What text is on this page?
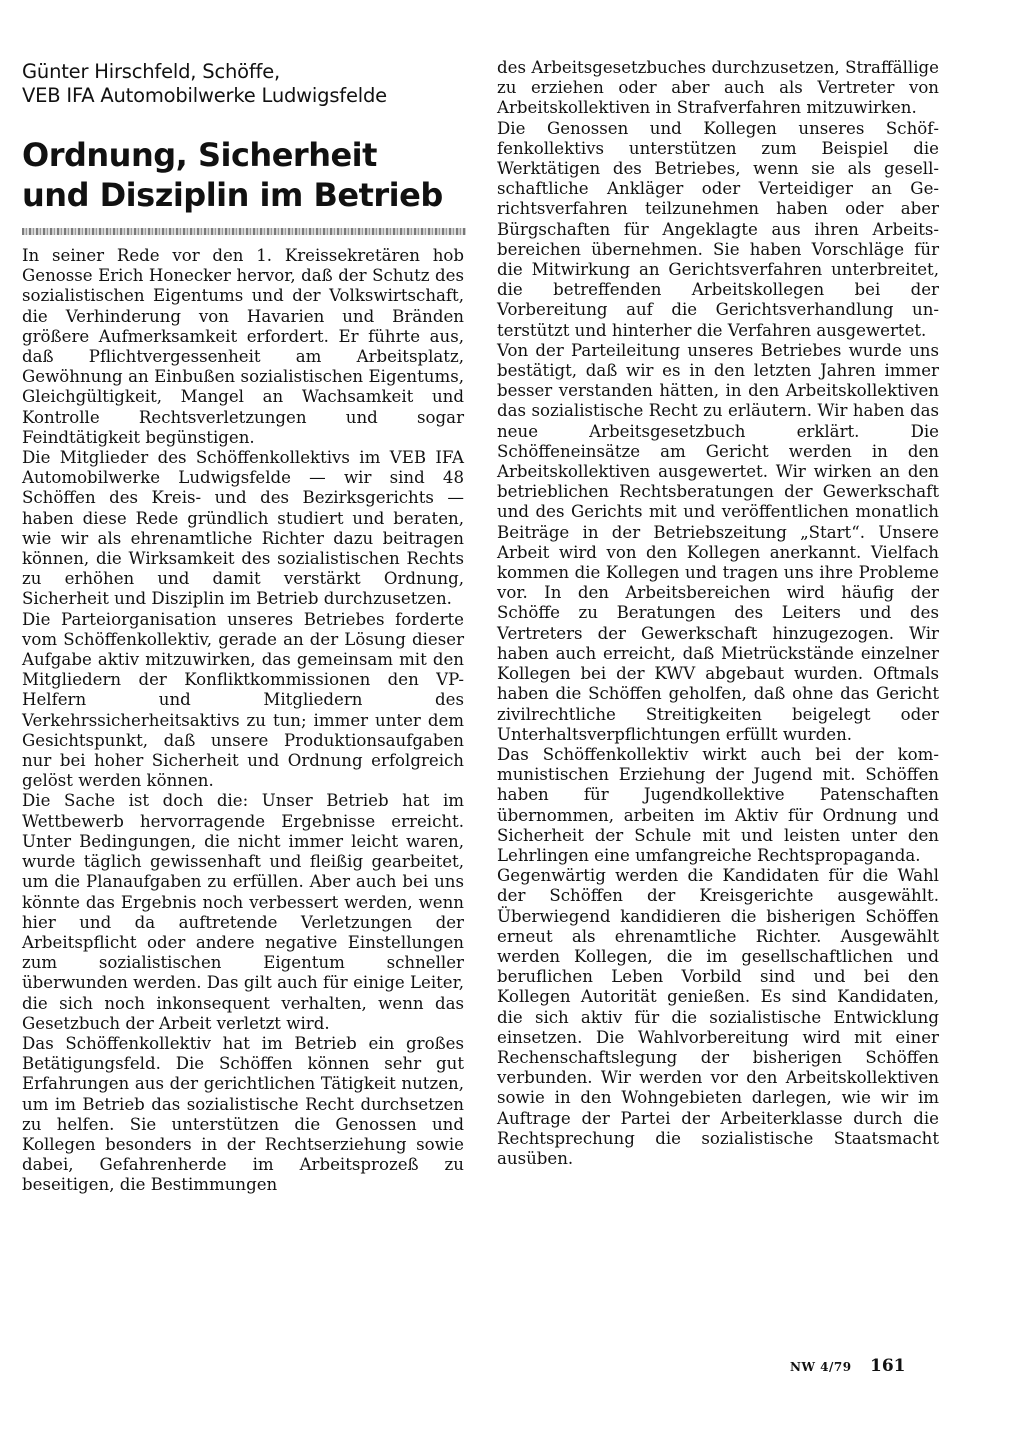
Günter Hirschfeld, Schöffe,
VEB IFA Automobilwerke Ludwigsfelde
Ordnung, Sicherheit
und Disziplin im Betrieb

In seiner Rede vor den 1. Kreissekretären hob Genosse Erich Honecker hervor, daß der Schutz des sozialistischen Eigentums und der Volkswirtschaft, die Verhinderung von Havarien und Bränden größere Aufmerksamkeit erfordert. Er führte aus, daß Pflichtvergessenheit am Arbeitsplatz, Gewöhnung an Einbußen sozialistischen Eigentums, Gleichgültigkeit, Mangel an Wachsamkeit und Kontrolle Rechtsverletzungen und sogar Feindtätigkeit begünstigen.

Die Mitglieder des Schöffenkollektivs im VEB IFA Automobilwerke Ludwigsfelde — wir sind 48 Schöffen des Kreis- und des Bezirksgerichts — haben diese Rede gründlich studiert und beraten, wie wir als ehrenamtliche Richter dazu beitragen können, die Wirksamkeit des sozialistischen Rechts zu erhöhen und damit verstärkt Ordnung, Sicherheit und Disziplin im Betrieb durchzusetzen.

Die Parteiorganisation unseres Betriebes forderte vom Schöffenkollektiv, gerade an der Lösung dieser Aufgabe aktiv mitzuwirken, das gemeinsam mit den Mitgliedern der Konfliktkommissionen den VP-Helfern und Mitgliedern des Verkehrssicherheitsaktivs zu tun; immer unter dem Gesichtspunkt, daß unsere Produktionsaufgaben nur bei hoher Sicherheit und Ordnung erfolgreich gelöst werden können.

Die Sache ist doch die: Unser Betrieb hat im Wettbewerb hervorragende Ergebnisse erreicht. Unter Bedingungen, die nicht immer leicht waren, wurde täglich gewissenhaft und fleißig gearbeitet, um die Planaufgaben zu erfüllen. Aber auch bei uns könnte das Ergebnis noch verbessert werden, wenn hier und da auftretende Verletzungen der Arbeitspflicht oder andere negative Einstellungen zum sozialistischen Eigentum schneller überwunden werden. Das gilt auch für einige Leiter, die sich noch inkonsequent verhalten, wenn das Gesetzbuch der Arbeit verletzt wird.

Das Schöffenkollektiv hat im Betrieb ein großes Betätigungsfeld. Die Schöffen können sehr gut Erfahrungen aus der gerichtlichen Tätigkeit nutzen, um im Betrieb das sozialistische Recht durchsetzen zu helfen. Sie unterstützen die Genossen und Kollegen besonders in der Rechtserziehung sowie dabei, Gefahrenherde im Arbeitsprozeß zu beseitigen, die Bestimmungen

des Arbeitsgesetzbuches durchzusetzen, Straffällige zu erziehen oder aber auch als Vertreter von Arbeitskollektiven in Strafverfahren mitzuwirken.

Die Genossen und Kollegen unseres Schöffenkollektivs unterstützen zum Beispiel die Werktätigen des Betriebes, wenn sie als gesellschaftliche Ankläger oder Verteidiger an Gerichtsverfahren teilzunehmen haben oder aber Bürgschaften für Angeklagte aus ihren Arbeitsbereichen übernehmen. Sie haben Vorschläge für die Mitwirkung an Gerichtsverfahren unterbreitet, die betreffenden Arbeitskollegen bei der Vorbereitung auf die Gerichtsverhandlung unterstützt und hinterher die Verfahren ausgewertet.

Von der Parteileitung unseres Betriebes wurde uns bestätigt, daß wir es in den letzten Jahren immer besser verstanden hätten, in den Arbeitskollektiven das sozialistische Recht zu erläutern. Wir haben das neue Arbeitsgesetzbuch erklärt. Die Schöffeneinsätze am Gericht werden in den Arbeitskollektiven ausgewertet. Wir wirken an den betrieblichen Rechtsberatungen der Gewerkschaft und des Gerichts mit und veröffentlichen monatlich Beiträge in der Betriebszeitung „Start“. Unsere Arbeit wird von den Kollegen anerkannt. Vielfach kommen die Kollegen und tragen uns ihre Probleme vor. In den Arbeitsbereichen wird häufig der Schöffe zu Beratungen des Leiters und des Vertreters der Gewerkschaft hinzugezogen. Wir haben auch erreicht, daß Mietrückstände einzelner Kollegen bei der KWV abgebaut wurden. Oftmals haben die Schöffen geholfen, daß ohne das Gericht zivilrechtliche Streitigkeiten beigelegt oder Unterhaltsverpflichtungen erfüllt wurden.

Das Schöffenkollektiv wirkt auch bei der kommunistischen Erziehung der Jugend mit. Schöffen haben für Jugendkollektive Patenschaften übernommen, arbeiten im Aktiv für Ordnung und Sicherheit der Schule mit und leisten unter den Lehrlingen eine umfangreiche Rechtspropaganda.

Gegenwärtig werden die Kandidaten für die Wahl der Schöffen der Kreisgerichte ausgewählt. Überwiegend kandidieren die bisherigen Schöffen erneut als ehrenamtliche Richter. Ausgewählt werden Kollegen, die im gesellschaftlichen und beruflichen Leben Vorbild sind und bei den Kollegen Autorität genießen. Es sind Kandidaten, die sich aktiv für die sozialistische Entwicklung einsetzen. Die Wahlvorbereitung wird mit einer Rechenschaftslegung der bisherigen Schöffen verbunden. Wir werden vor den Arbeitskollektiven sowie in den Wohngebieten darlegen, wie wir im Auftrage der Partei der Arbeiterklasse durch die Rechtsprechung die sozialistische Staatsmacht ausüben.

NW 4/79 161
